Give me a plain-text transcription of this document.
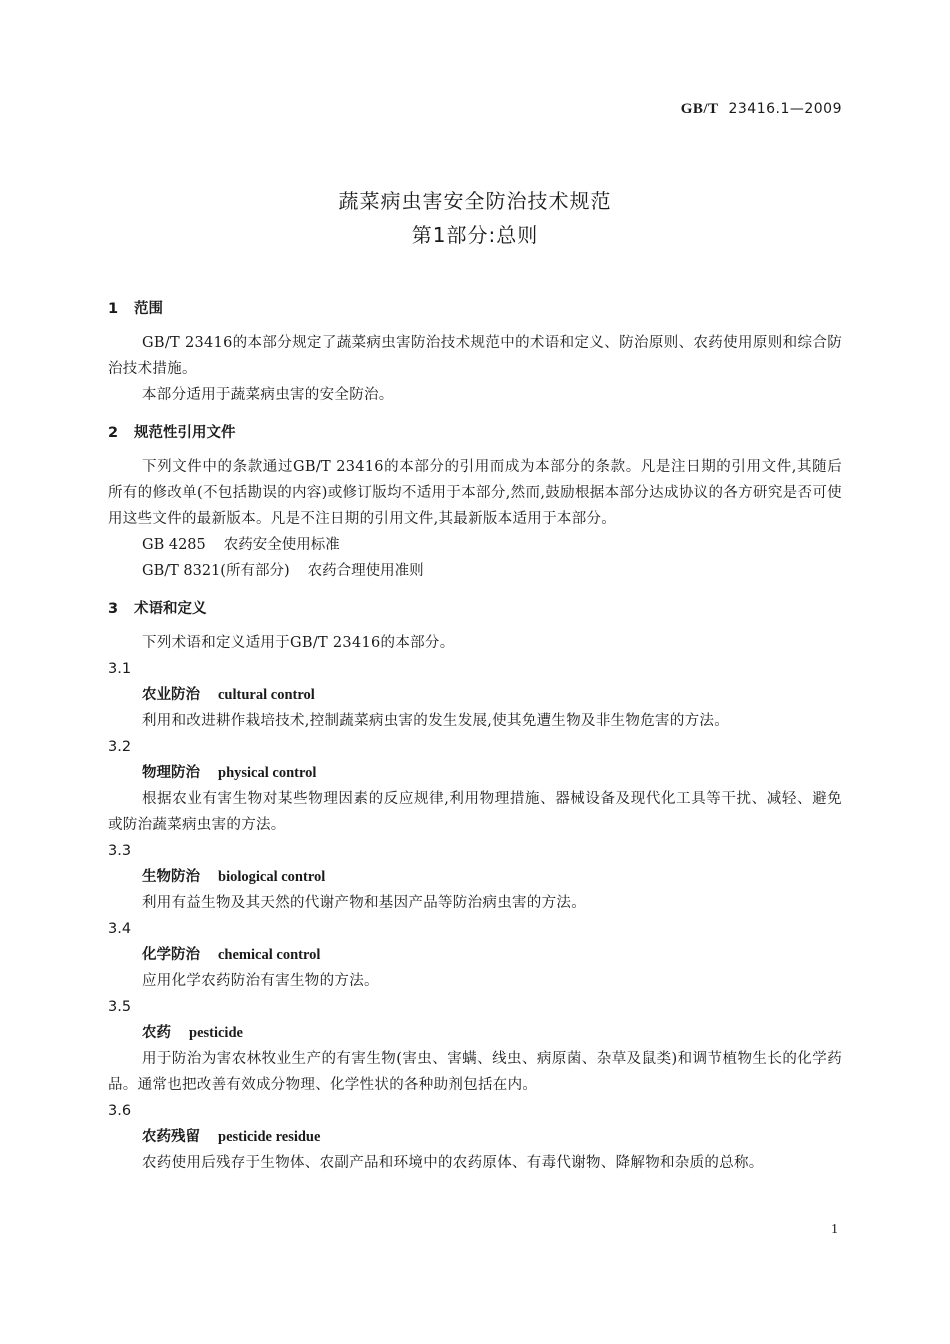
GB/T 23416.1—2009
蔬菜病虫害安全防治技术规范
第1部分:总则
1 范围
GB/T 23416的本部分规定了蔬菜病虫害防治技术规范中的术语和定义、防治原则、农药使用原则和综合防治技术措施。
本部分适用于蔬菜病虫害的安全防治。
2 规范性引用文件
下列文件中的条款通过GB/T 23416的本部分的引用而成为本部分的条款。凡是注日期的引用文件,其随后所有的修改单(不包括勘误的内容)或修订版均不适用于本部分,然而,鼓励根据本部分达成协议的各方研究是否可使用这些文件的最新版本。凡是不注日期的引用文件,其最新版本适用于本部分。
GB 4285 农药安全使用标准
GB/T 8321(所有部分) 农药合理使用准则
3 术语和定义
下列术语和定义适用于GB/T 23416的本部分。
3.1
农业防治 cultural control
利用和改进耕作栽培技术,控制蔬菜病虫害的发生发展,使其免遭生物及非生物危害的方法。
3.2
物理防治 physical control
根据农业有害生物对某些物理因素的反应规律,利用物理措施、器械设备及现代化工具等干扰、减轻、避免或防治蔬菜病虫害的方法。
3.3
生物防治 biological control
利用有益生物及其天然的代谢产物和基因产品等防治病虫害的方法。
3.4
化学防治 chemical control
应用化学农药防治有害生物的方法。
3.5
农药 pesticide
用于防治为害农林牧业生产的有害生物(害虫、害螨、线虫、病原菌、杂草及鼠类)和调节植物生长的化学药品。通常也把改善有效成分物理、化学性状的各种助剂包括在内。
3.6
农药残留 pesticide residue
农药使用后残存于生物体、农副产品和环境中的农药原体、有毒代谢物、降解物和杂质的总称。
1
